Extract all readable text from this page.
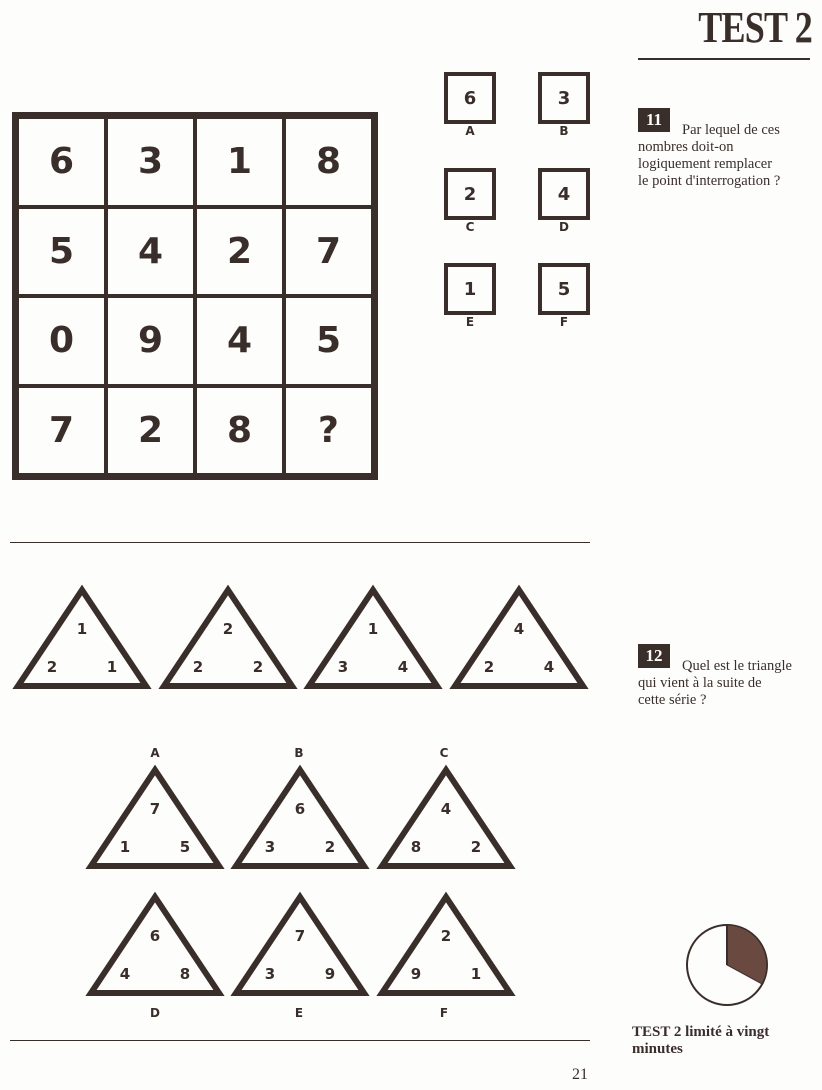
TEST 2
6	3	1	8
5	4	2	7
0	9	4	5
7	2	8	?
6
A
3
B
2
C
4
D
1
E
5
F
11
Par lequel de ces
nombres doit-on
logiquement remplacer
le point d'interrogation ?
1
2	1
2
2	2
1
3	4
4
2	4
7
1	5
6
3	2
4
8	2
6
4	8
7
3	9
2
9	1
A	B	C
D	E	F
12
Quel est le triangle
qui vient à la suite de
cette série ?
TEST 2 limité à vingt minutes
21
